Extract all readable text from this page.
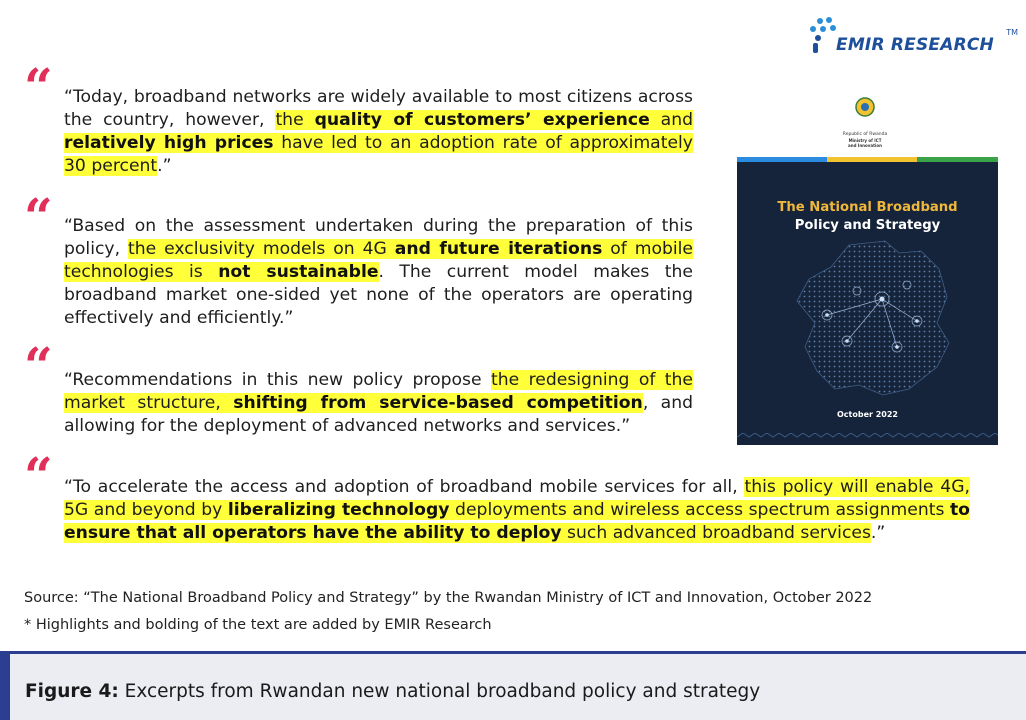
EMIR RESEARCH
TM
“
“
“
“
“Today, broadband networks are widely available to most citizens across the country, however, the quality of customers’ experience and relatively high prices have led to an adoption rate of approximately 30 percent.”
“Based on the assessment undertaken during the preparation of this policy, the exclusivity models on 4G and future iterations of mobile technologies is not sustainable. The current model makes the broadband market one-sided yet none of the operators are operating effectively and efficiently.”
“Recommendations in this new policy propose the redesigning of the market structure, shifting from service-based competition, and allowing for the deployment of advanced networks and services.”
“To accelerate the access and adoption of broadband mobile services for all, this policy will enable 4G, 5G and beyond by liberalizing technology deployments and wireless access spectrum assignments to ensure that all operators have the ability to deploy such advanced broadband services.”
Republic of Rwanda
Ministry of ICT
and Innovation
The National Broadband
Policy and Strategy
October 2022
Source: “The National Broadband Policy and Strategy” by the Rwandan Ministry of ICT and Innovation, October 2022
* Highlights and bolding of the text are added by EMIR Research
Figure 4: Excerpts from Rwandan new national broadband policy and strategy
